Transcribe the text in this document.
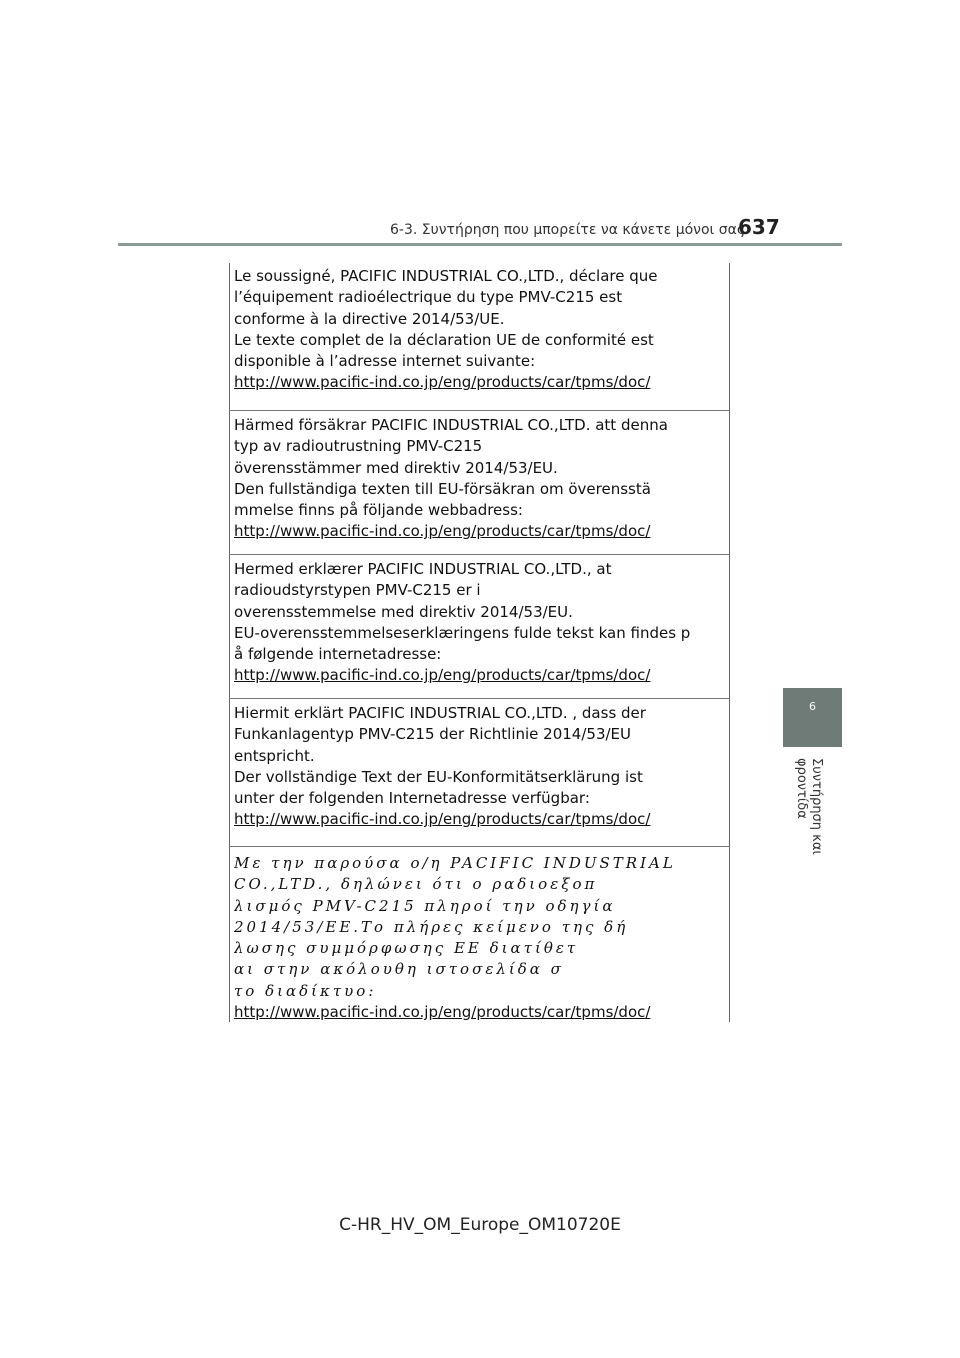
6-3. Συντήρηση που μπορείτε να κάνετε μόνοι σας
637
6
Συντήρηση και φροντίδα
Le soussigné, PACIFIC INDUSTRIAL CO.,LTD., déclare que
l’équipement radioélectrique du type PMV-C215 est
conforme à la directive 2014/53/UE.
Le texte complet de la déclaration UE de conformité est
disponible à l’adresse internet suivante:
http://www.pacific-ind.co.jp/eng/products/car/tpms/doc/
Härmed försäkrar PACIFIC INDUSTRIAL CO.,LTD. att denna
typ av radioutrustning PMV-C215
överensstämmer med direktiv 2014/53/EU.
Den fullständiga texten till EU-försäkran om överensstä
mmelse finns på följande webbadress:
http://www.pacific-ind.co.jp/eng/products/car/tpms/doc/
Hermed erklærer PACIFIC INDUSTRIAL CO.,LTD., at
radioudstyrstypen PMV-C215 er i
overensstemmelse med direktiv 2014/53/EU.
EU-overensstemmelseserklæringens fulde tekst kan findes p
å følgende internetadresse:
http://www.pacific-ind.co.jp/eng/products/car/tpms/doc/
Hiermit erklärt PACIFIC INDUSTRIAL CO.,LTD. , dass der
Funkanlagentyp PMV-C215 der Richtlinie 2014/53/EU
entspricht.
Der vollständige Text der EU-Konformitätserklärung ist
unter der folgenden Internetadresse verfügbar:
http://www.pacific-ind.co.jp/eng/products/car/tpms/doc/
Με την παρούσα ο/η PACIFIC INDUSTRIAL
CO.,LTD., δηλώνει ότι ο ραδιοεξοπ
λισμός PMV-C215 πληροί την οδηγία
2014/53/ΕΕ.Το πλήρες κείμενο της δή
λωσης συμμόρφωσης ΕΕ διατίθετ
αι στην ακόλουθη ιστοσελίδα σ
το διαδίκτυο:
http://www.pacific-ind.co.jp/eng/products/car/tpms/doc/
C-HR_HV_OM_Europe_OM10720E
